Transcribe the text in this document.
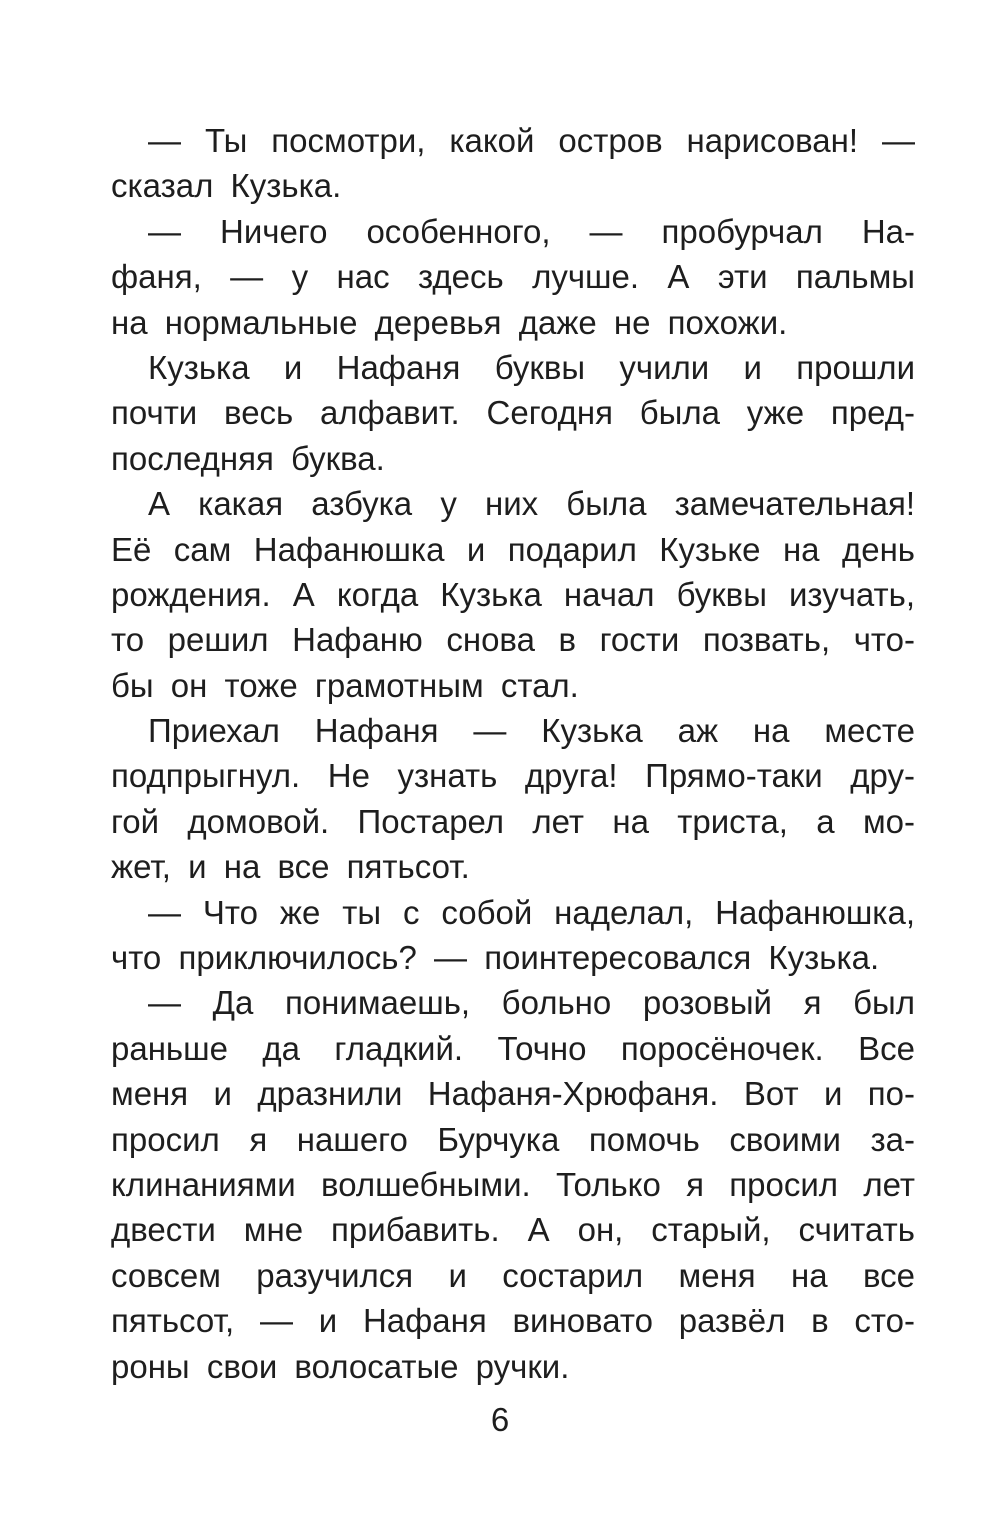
— Ты посмотри, какой остров нарисован! —
сказал Кузька.
— Ничего особенного, — пробурчал На-
фаня, — у нас здесь лучше. А эти пальмы
на нормальные деревья даже не похожи.
Кузька и Нафаня буквы учили и прошли
почти весь алфавит. Сегодня была уже пред-
последняя буква.
А какая азбука у них была замечательная!
Её сам Нафанюшка и подарил Кузьке на день
рождения. А когда Кузька начал буквы изучать,
то решил Нафаню снова в гости позвать, что-
бы он тоже грамотным стал.
Приехал Нафаня — Кузька аж на месте
подпрыгнул. Не узнать друга! Прямо-таки дру-
гой домовой. Постарел лет на триста, а мо-
жет, и на все пятьсот.
— Что же ты с собой наделал, Нафанюшка,
что приключилось? — поинтересовался Кузька.
— Да понимаешь, больно розовый я был
раньше да гладкий. Точно поросёночек. Все
меня и дразнили Нафаня-Хрюфаня. Вот и по-
просил я нашего Бурчука помочь своими за-
клинаниями волшебными. Только я просил лет
двести мне прибавить. А он, старый, считать
совсем разучился и состарил меня на все
пятьсот, — и Нафаня виновато развёл в сто-
роны свои волосатые ручки.
6
